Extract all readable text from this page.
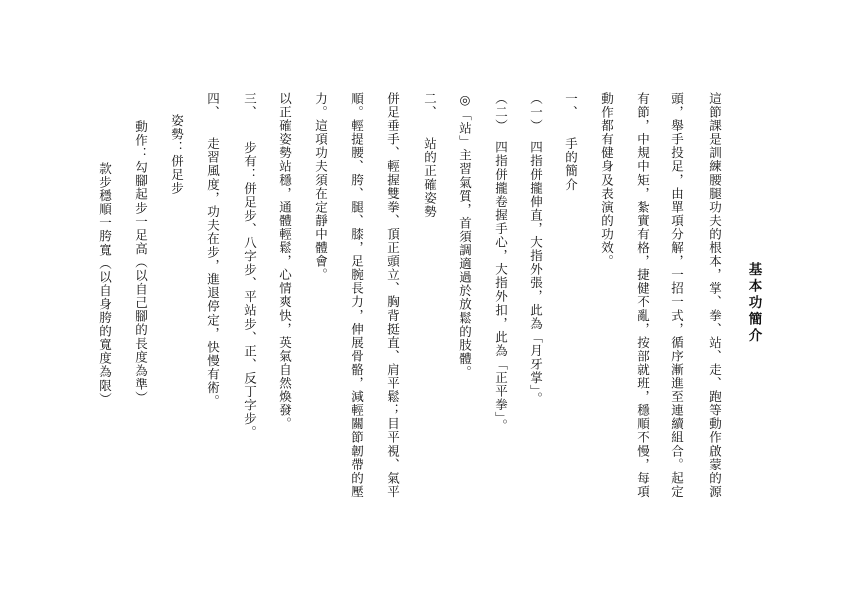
基本功簡介
這節課是訓練腰腿功夫的根本，掌、拳、站、走、跑等動作啟蒙的源
頭，舉手投足，由單項分解，一招一式，循序漸進至連續組合。起定
有節，中規中矩，紮實有格，捷健不亂，按部就班，穩順不慢，每項
動作都有健身及表演的功效。
一、手的簡介
（一）四指併攏伸直，大指外張，此為「月牙掌」。
（二）四指併攏卷握手心，大指外扣，此為「正平拳」。
◎「站」主習氣質，首須調適過於放鬆的肢體。
二、站的正確姿勢
併足垂手、輕握雙拳、頂正頭立、胸背挺直、肩平鬆；目平視、氣平
順。輕提腰、胯、腿、膝，足腕長力，伸展骨骼，減輕關節韌帶的壓
力。這項功夫須在定靜中體會。
以正確姿勢站穩，通體輕鬆，心情爽快，英氣自然煥發。
三、步有：併足步、八字步、平站步、正、反丁字步。
四、走習風度，功夫在步，進退停定，快慢有術。
姿勢：併足步
動作：勾腳起步一足高（以自己腳的長度為準）
款步穩順一胯寬（以自身胯的寬度為限）
